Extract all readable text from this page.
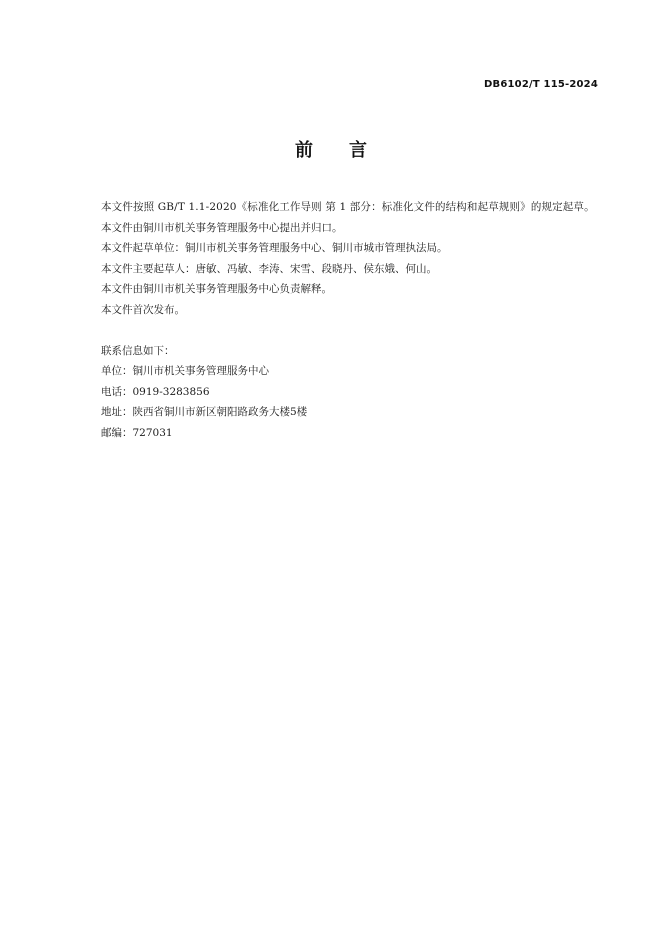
DB6102/T 115-2024
前言

本文件按照 GB/T 1.1-2020《标准化工作导则 第 1 部分：标准化文件的结构和起草规则》的规定起草。

本文件由铜川市机关事务管理服务中心提出并归口。

本文件起草单位：铜川市机关事务管理服务中心、铜川市城市管理执法局。

本文件主要起草人：唐敏、冯敏、李涛、宋雪、段晓丹、侯东娥、何山。

本文件由铜川市机关事务管理服务中心负责解释。

本文件首次发布。

联系信息如下：

单位：铜川市机关事务管理服务中心

电话：0919-3283856

地址：陕西省铜川市新区朝阳路政务大楼5楼

邮编：727031
